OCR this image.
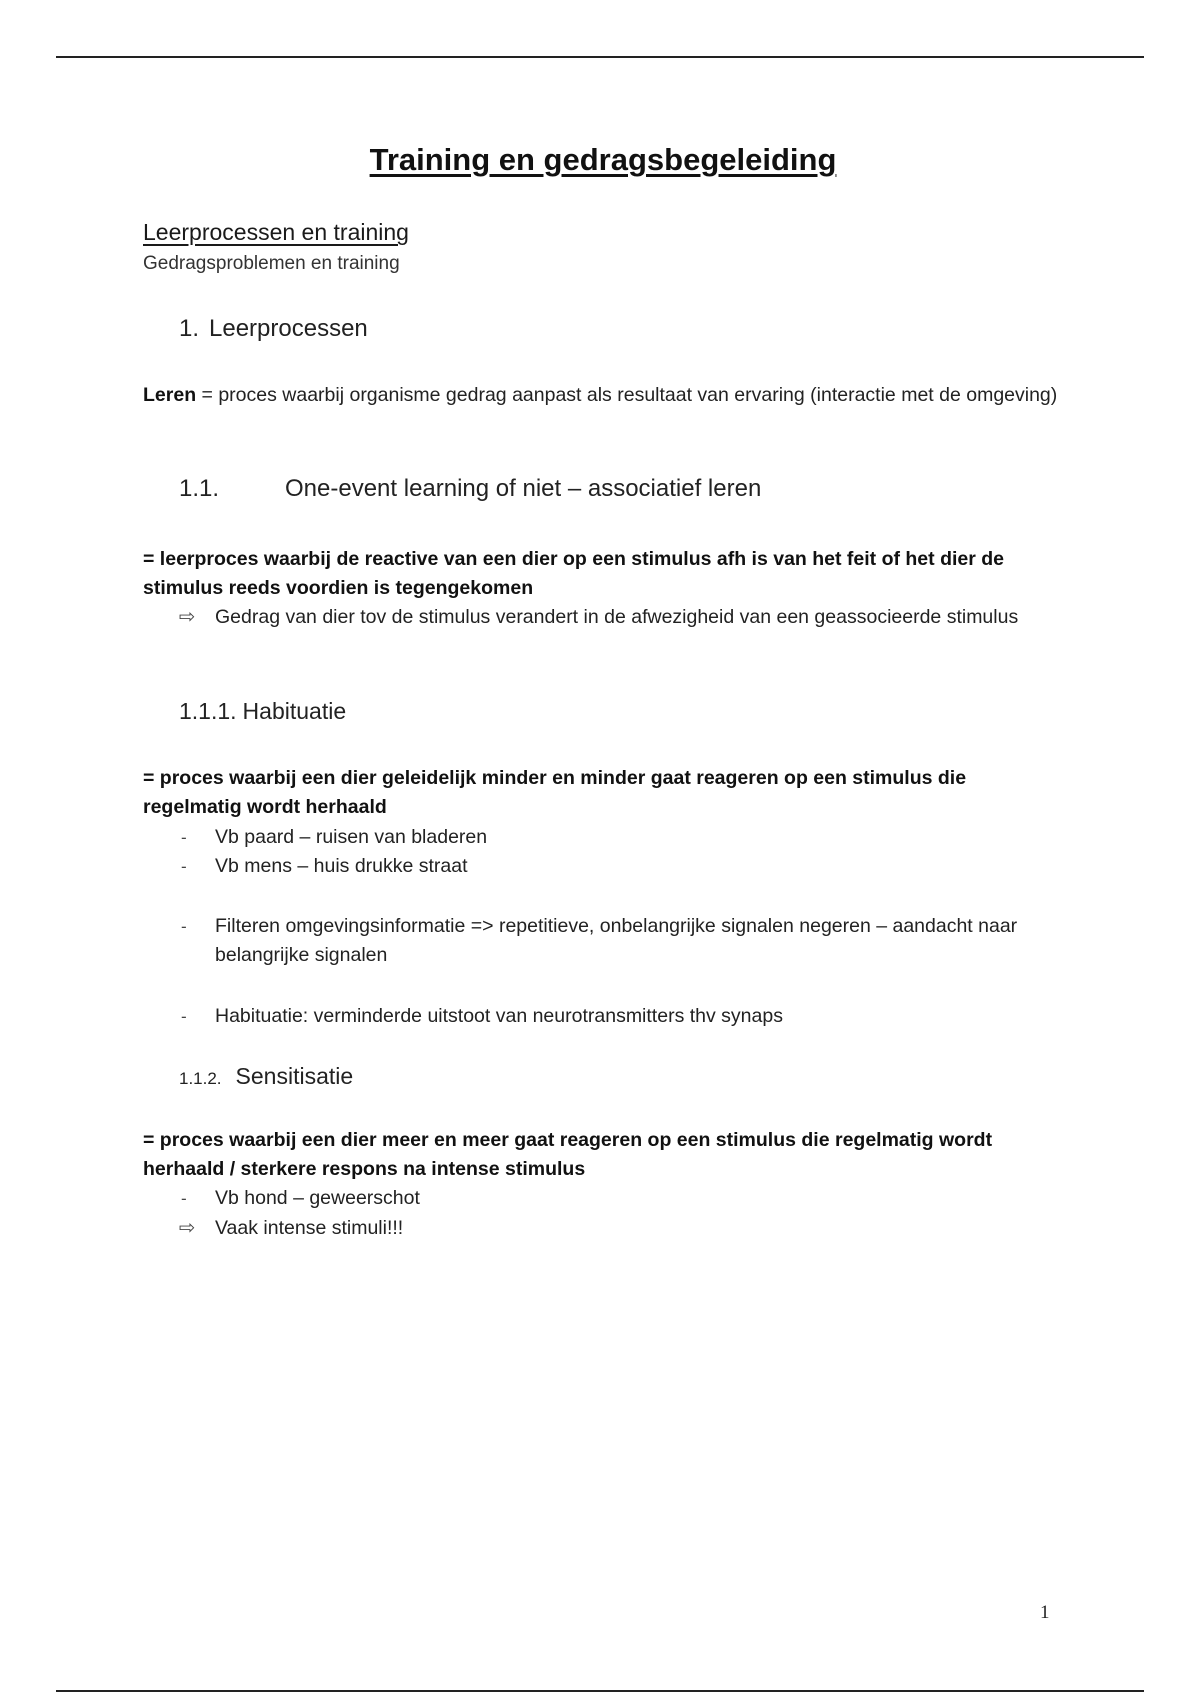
Training en gedragsbegeleiding

Leerprocessen en training

Gedragsproblemen en training

1. Leerprocessen

Leren = proces waarbij organisme gedrag aanpast als resultaat van ervaring (interactie met de omgeving)

1.1.	One-event learning of niet – associatief leren

= leerproces waarbij de reactive van een dier op een stimulus afh is van het feit of het dier de stimulus reeds voordien is tegengekomen

⇨	Gedrag van dier tov de stimulus verandert in de afwezigheid van een geassocieerde stimulus
1.1.1. Habituatie

= proces waarbij een dier geleidelijk minder en minder gaat reageren op een stimulus die regelmatig wordt herhaald

-	Vb paard – ruisen van bladeren
-	Vb mens – huis drukke straat
-	Filteren omgevingsinformatie => repetitieve, onbelangrijke signalen negeren – aandacht naar belangrijke signalen
-	Habituatie: verminderde uitstoot van neurotransmitters thv synaps
1.1.2. Sensitisatie

= proces waarbij een dier meer en meer gaat reageren op een stimulus die regelmatig wordt herhaald / sterkere respons na intense stimulus

-	Vb hond – geweerschot
⇨	Vaak intense stimuli!!!
1
